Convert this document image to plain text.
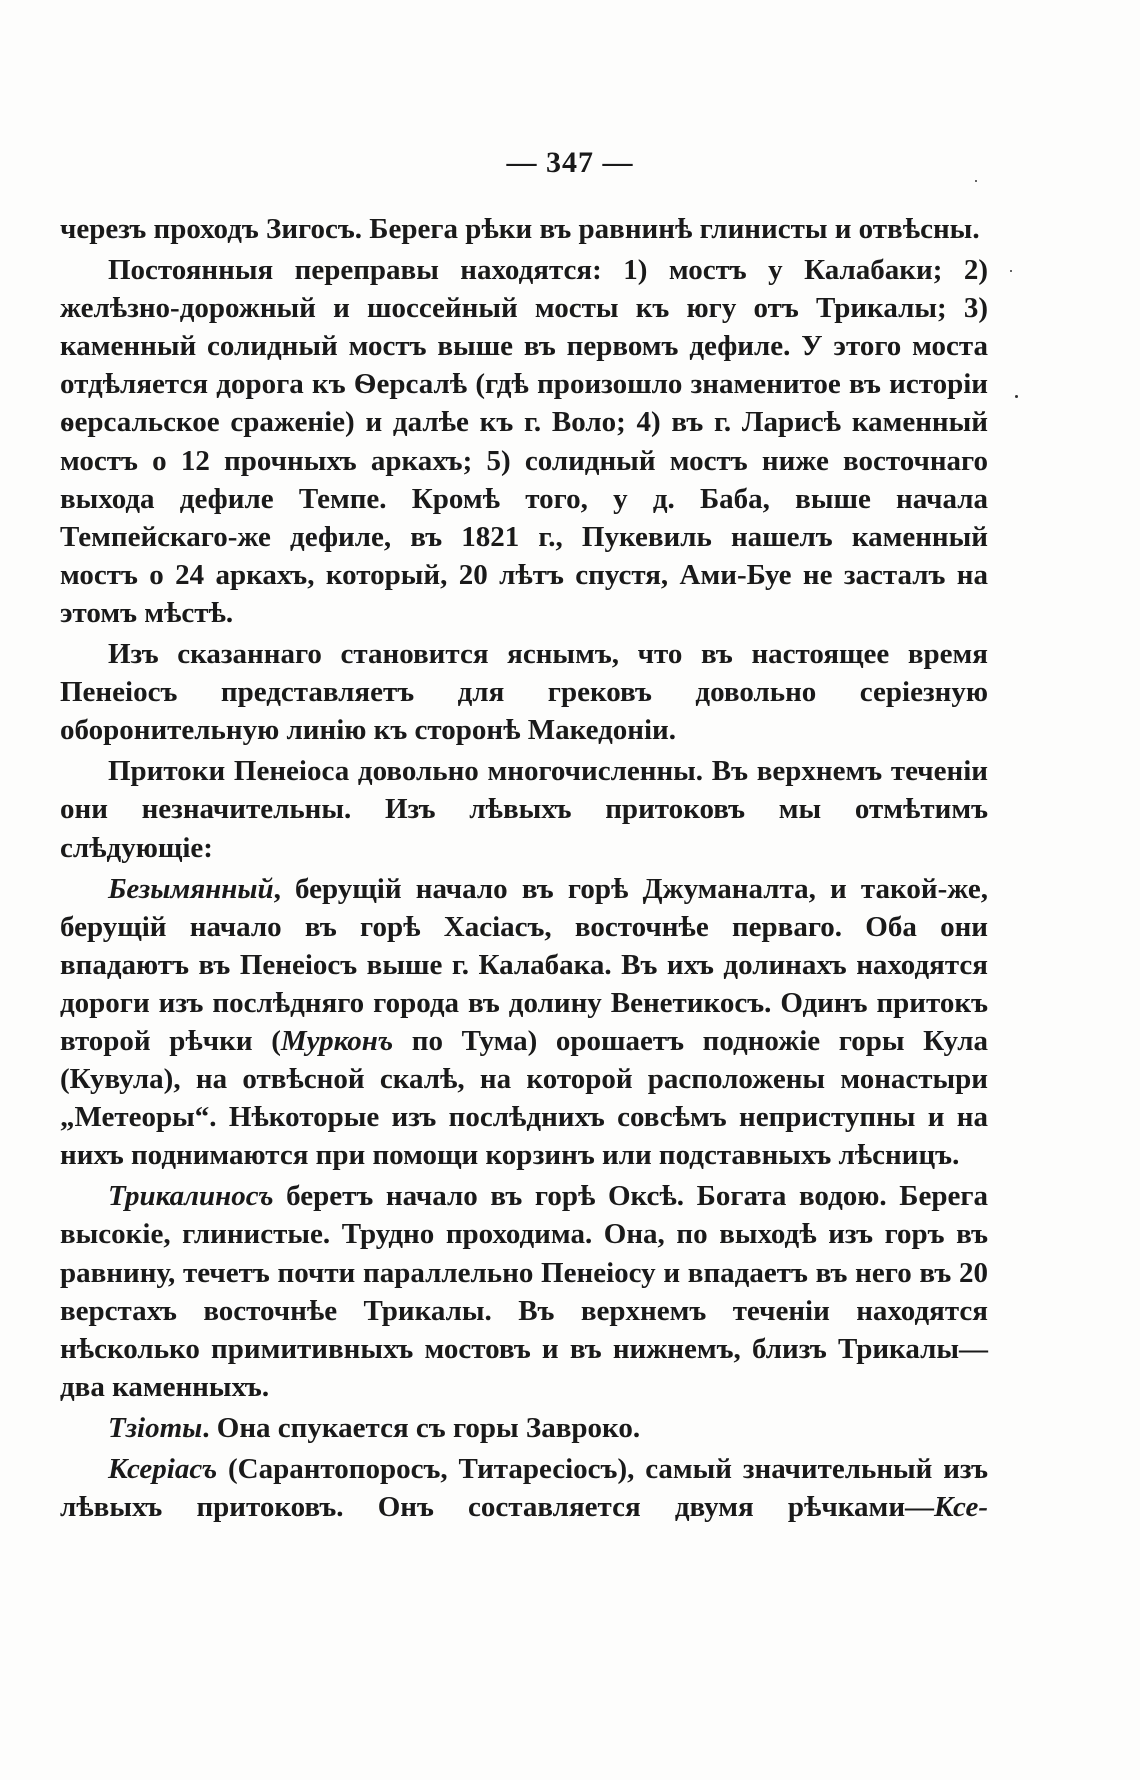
— 347 —

черезъ проходъ Зигосъ. Берега рѣки въ равнинѣ глинисты и отвѣсны.

Постоянныя переправы находятся: 1) мостъ у Калабаки; 2) желѣзно-дорожный и шоссейный мосты къ югу отъ Трикалы; 3) каменный солидный мостъ выше въ первомъ дефиле. У этого моста отдѣляется дорога къ Ѳерсалѣ (гдѣ произошло знаменитое въ исторіи ѳерсальское сраженіе) и далѣе къ г. Воло; 4) въ г. Ларисѣ каменный мостъ о 12 прочныхъ аркахъ; 5) солидный мостъ ниже восточнаго выхода дефиле Темпе. Кромѣ того, у д. Баба, выше начала Темпейскаго-же дефиле, въ 1821 г., Пукевиль нашелъ каменный мостъ о 24 аркахъ, который, 20 лѣтъ спустя, Ами-Буе не засталъ на этомъ мѣстѣ.

Изъ сказаннаго становится яснымъ, что въ настоящее время Пенеіосъ представляетъ для грековъ довольно серіезную оборонительную линію къ сторонѣ Македоніи.

Притоки Пенеіоса довольно многочисленны. Въ верхнемъ теченіи они незначительны. Изъ лѣвыхъ притоковъ мы отмѣтимъ слѣдующіе:

Безымянный, берущій начало въ горѣ Джуманалта, и такой-же, берущій начало въ горѣ Хасіасъ, восточнѣе перваго. Оба они впадаютъ въ Пенеіосъ выше г. Калабака. Въ ихъ долинахъ находятся дороги изъ послѣдняго города въ долину Венетикосъ. Одинъ притокъ второй рѣчки (Мурконъ по Тума) орошаетъ подножіе горы Кула (Кувула), на отвѣсной скалѣ, на которой расположены монастыри „Метеоры“. Нѣкоторые изъ послѣднихъ совсѣмъ неприступны и на нихъ поднимаются при помощи корзинъ или подставныхъ лѣсницъ.

Трикалиносъ беретъ начало въ горѣ Оксѣ. Богата водою. Берега высокіе, глинистые. Трудно проходима. Она, по выходѣ изъ горъ въ равнину, течетъ почти параллельно Пенеіосу и впадаетъ въ него въ 20 верстахъ восточнѣе Трикалы. Въ верхнемъ теченіи находятся нѣсколько примитивныхъ мостовъ и въ нижнемъ, близъ Трикалы—два каменныхъ.

Тзіоты. Она спукается съ горы Завроко.

Ксеріасъ (Сарантопоросъ, Титаресіосъ), самый значительный изъ лѣвыхъ притоковъ. Онъ составляется двумя рѣчками—Ксе-
